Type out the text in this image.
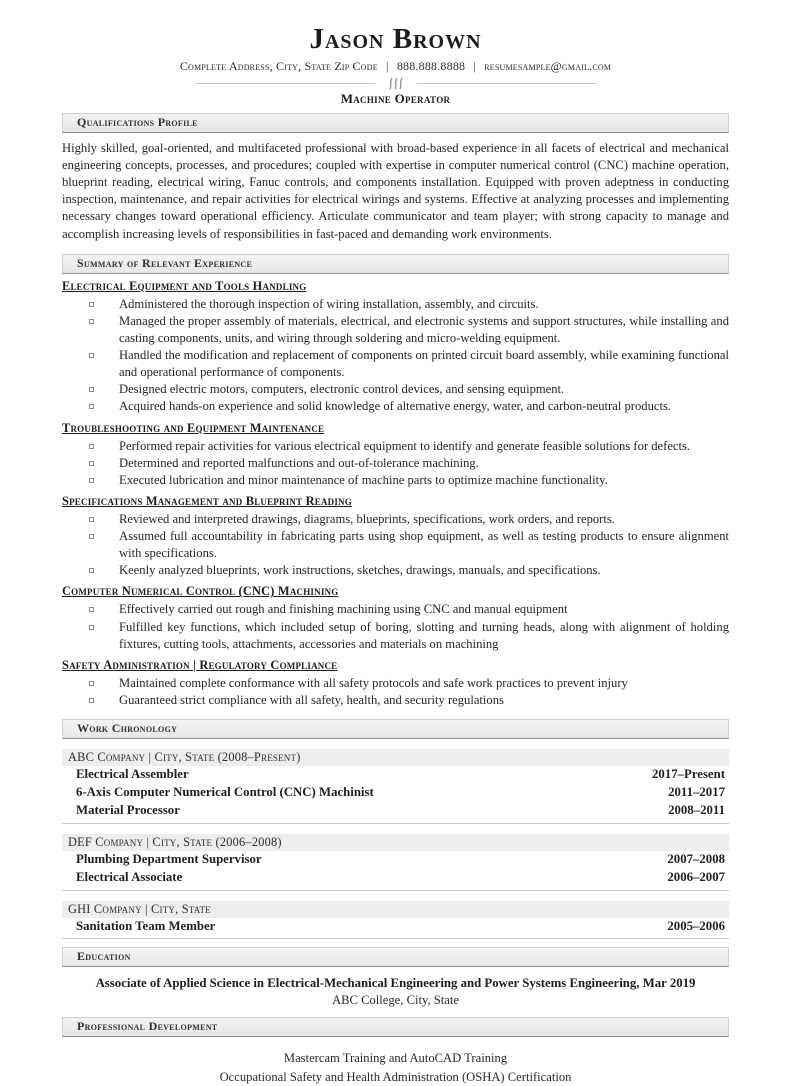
Jason Brown
Complete Address, City, State Zip Code | 888.888.8888 | resumesample@gmail.com
Machine Operator
Qualifications Profile

Highly skilled, goal-oriented, and multifaceted professional with broad-based experience in all facets of electrical and mechanical engineering concepts, processes, and procedures; coupled with expertise in computer numerical control (CNC) machine operation, blueprint reading, electrical wiring, Fanuc controls, and components installation. Equipped with proven adeptness in conducting inspection, maintenance, and repair activities for electrical wirings and systems. Effective at analyzing processes and implementing necessary changes toward operational efficiency. Articulate communicator and team player; with strong capacity to manage and accomplish increasing levels of responsibilities in fast-paced and demanding work environments.

Summary of Relevant Experience
Electrical Equipment and Tools Handling
Administered the thorough inspection of wiring installation, assembly, and circuits.
Managed the proper assembly of materials, electrical, and electronic systems and support structures, while installing and casting components, units, and wiring through soldering and micro-welding equipment.
Handled the modification and replacement of components on printed circuit board assembly, while examining functional and operational performance of components.
Designed electric motors, computers, electronic control devices, and sensing equipment.
Acquired hands-on experience and solid knowledge of alternative energy, water, and carbon-neutral products.
Troubleshooting and Equipment Maintenance
Performed repair activities for various electrical equipment to identify and generate feasible solutions for defects.
Determined and reported malfunctions and out-of-tolerance machining.
Executed lubrication and minor maintenance of machine parts to optimize machine functionality.
Specifications Management and Blueprint Reading
Reviewed and interpreted drawings, diagrams, blueprints, specifications, work orders, and reports.
Assumed full accountability in fabricating parts using shop equipment, as well as testing products to ensure alignment with specifications.
Keenly analyzed blueprints, work instructions, sketches, drawings, manuals, and specifications.
Computer Numerical Control (CNC) Machining
Effectively carried out rough and finishing machining using CNC and manual equipment
Fulfilled key functions, which included setup of boring, slotting and turning heads, along with alignment of holding fixtures, cutting tools, attachments, accessories and materials on machining
Safety Administration | Regulatory Compliance
Maintained complete conformance with all safety protocols and safe work practices to prevent injury
Guaranteed strict compliance with all safety, health, and security regulations
Work Chronology
ABC Company | City, State (2008–Present)
Electrical Assembler	2017–Present
6-Axis Computer Numerical Control (CNC) Machinist	2011–2017
Material Processor	2008–2011
DEF Company | City, State (2006–2008)
Plumbing Department Supervisor	2007–2008
Electrical Associate	2006–2007
GHI Company | City, State
Sanitation Team Member	2005–2006
Education
Associate of Applied Science in Electrical-Mechanical Engineering and Power Systems Engineering, Mar 2019
ABC College, City, State
Professional Development
Mastercam Training and AutoCAD Training
Occupational Safety and Health Administration (OSHA) Certification
